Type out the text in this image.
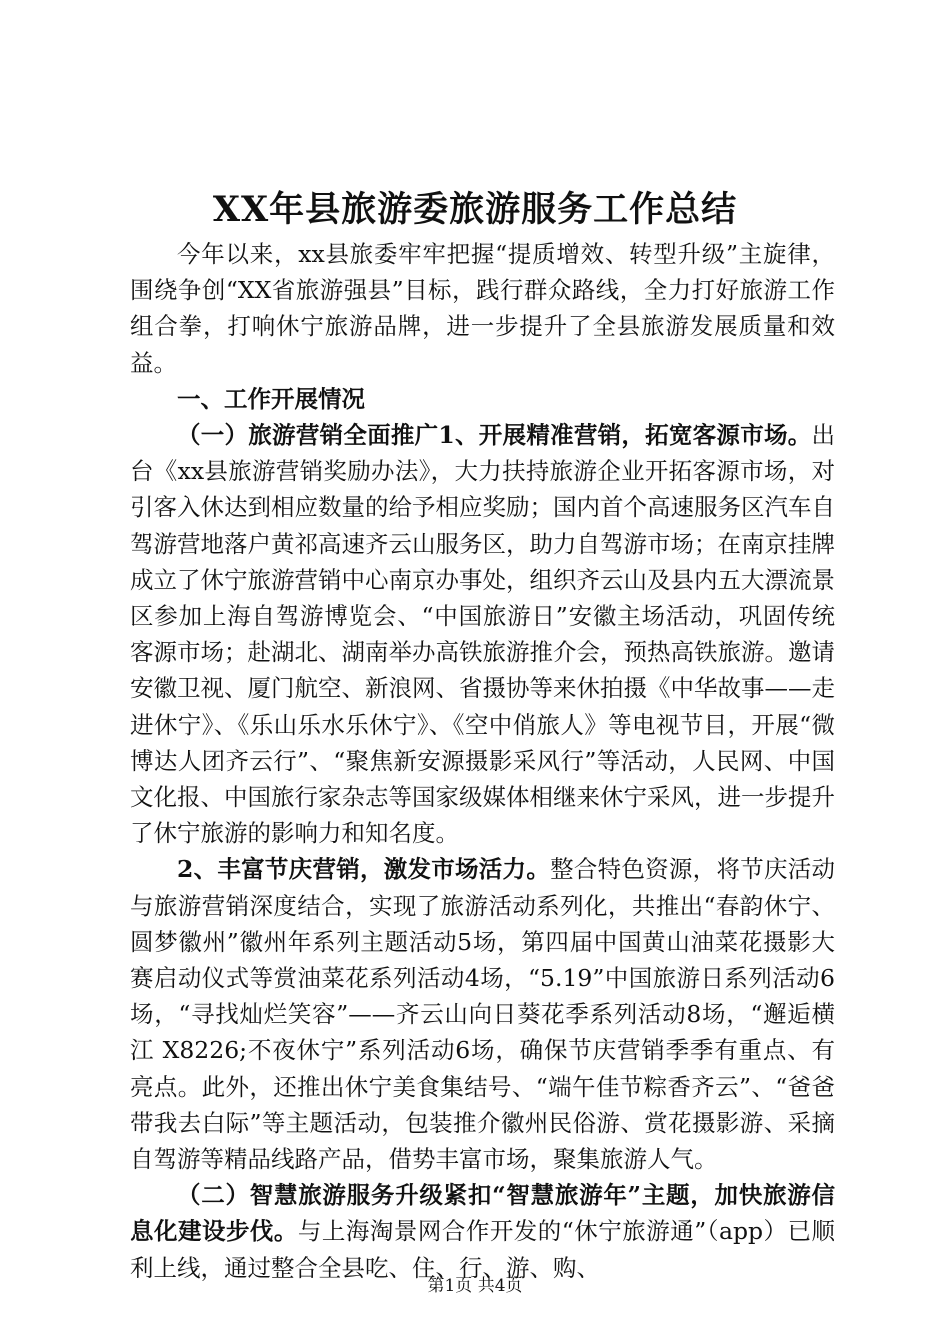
XX年县旅游委旅游服务工作总结

今年以来，xx县旅委牢牢把握“提质增效、转型升级”主旋律，围绕争创“XX省旅游强县”目标，践行群众路线，全力打好旅游工作组合拳，打响休宁旅游品牌，进一步提升了全县旅游发展质量和效益。

一、工作开展情况

（一）旅游营销全面推广1、开展精准营销，拓宽客源市场。出台《xx县旅游营销奖励办法》，大力扶持旅游企业开拓客源市场，对引客入休达到相应数量的给予相应奖励；国内首个高速服务区汽车自驾游营地落户黄祁高速齐云山服务区，助力自驾游市场；在南京挂牌成立了休宁旅游营销中心南京办事处，组织齐云山及县内五大漂流景区参加上海自驾游博览会、“中国旅游日”安徽主场活动，巩固传统客源市场；赴湖北、湖南举办高铁旅游推介会，预热高铁旅游。邀请安徽卫视、厦门航空、新浪网、省摄协等来休拍摄《中华故事——走进休宁》、《乐山乐水乐休宁》、《空中俏旅人》等电视节目，开展“微博达人团齐云行”、“聚焦新安源摄影采风行”等活动，人民网、中国文化报、中国旅行家杂志等国家级媒体相继来休宁采风，进一步提升了休宁旅游的影响力和知名度。

2、丰富节庆营销，激发市场活力。整合特色资源，将节庆活动与旅游营销深度结合，实现了旅游活动系列化，共推出“春韵休宁、圆梦徽州”徽州年系列主题活动5场，第四届中国黄山油菜花摄影大赛启动仪式等赏油菜花系列活动4场，“5.19”中国旅游日系列活动6场，“寻找灿烂笑容”——齐云山向日葵花季系列活动8场，“邂逅横江 X8226;不夜休宁”系列活动6场，确保节庆营销季季有重点、有亮点。此外，还推出休宁美食集结号、“端午佳节粽香齐云”、“爸爸带我去白际”等主题活动，包装推介徽州民俗游、赏花摄影游、采摘自驾游等精品线路产品，借势丰富市场，聚集旅游人气。

（二）智慧旅游服务升级紧扣“智慧旅游年”主题，加快旅游信息化建设步伐。与上海淘景网合作开发的“休宁旅游通”（app）已顺利上线，通过整合全县吃、住、行、游、购、

第1页 共4页
